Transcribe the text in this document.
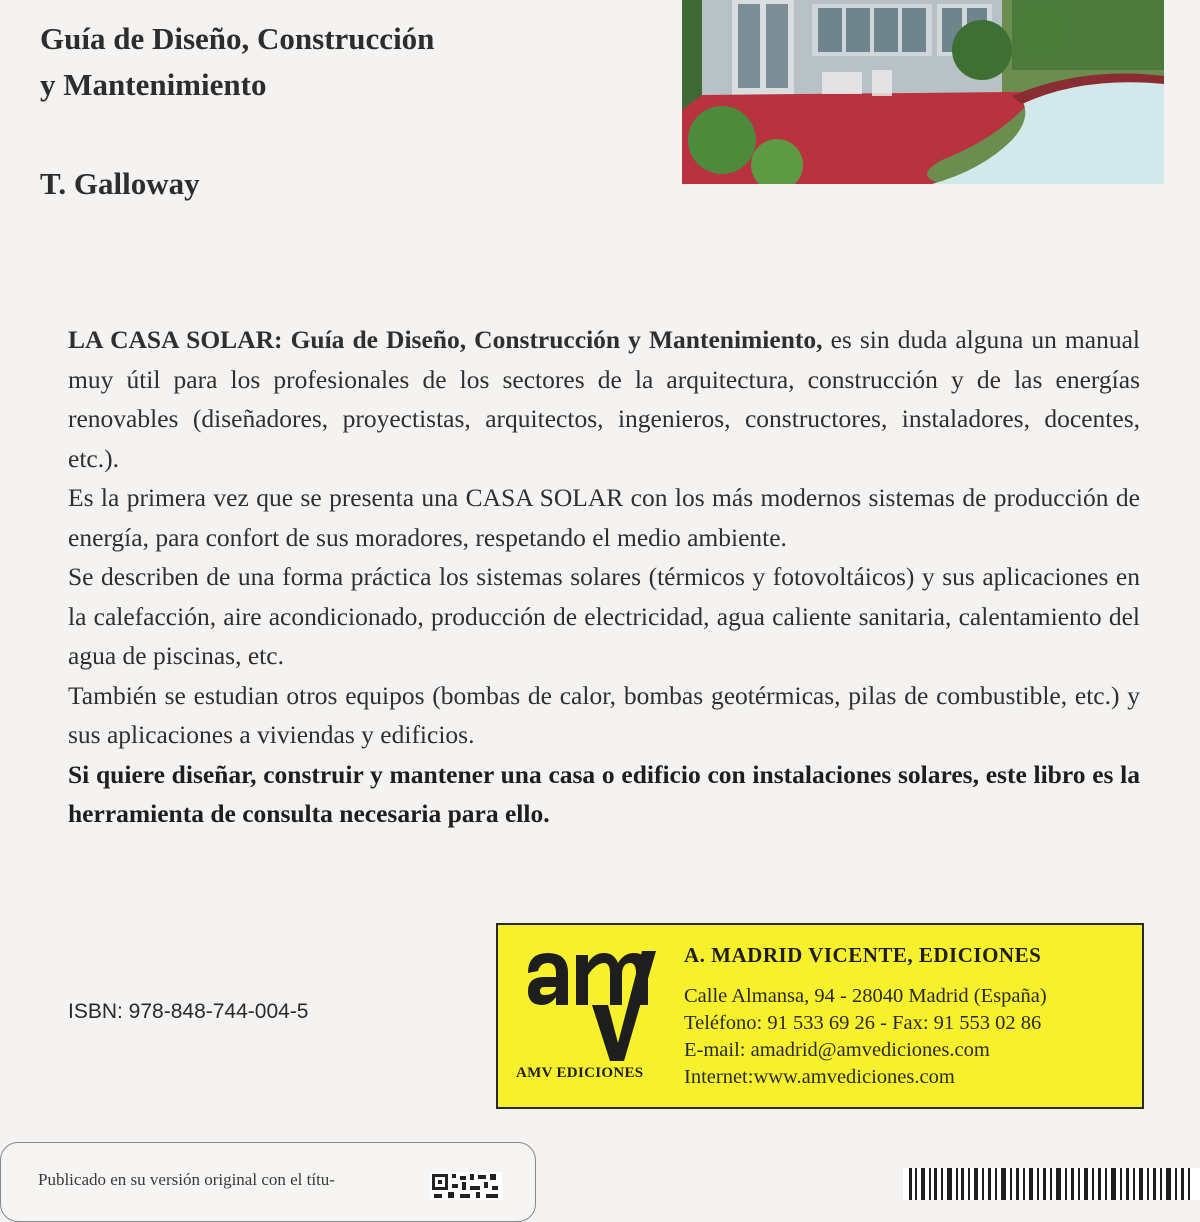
Guía de Diseño, Construcción
y Mantenimiento
T. Galloway

LA CASA SOLAR: Guía de Diseño, Construcción y Mantenimiento, es sin duda alguna un manual muy útil para los profesionales de los sectores de la arquitectura, construcción y de las energías renovables (diseñadores, proyectistas, arquitectos, ingenieros, constructores, instaladores, docentes, etc.).

Es la primera vez que se presenta una CASA SOLAR con los más modernos sistemas de producción de energía, para confort de sus moradores, respetando el medio ambiente.

Se describen de una forma práctica los sistemas solares (térmicos y fotovoltáicos) y sus aplicaciones en la calefacción, aire acondicionado, producción de electricidad, agua caliente sanitaria, calentamiento del agua de piscinas, etc.

También se estudian otros equipos (bombas de calor, bombas geotérmicas, pilas de combustible, etc.) y sus aplicaciones a viviendas y edificios.

Si quiere diseñar, construir y mantener una casa o edificio con instalaciones solares, este libro es la herramienta de consulta necesaria para ello.

ISBN: 978-848-744-004-5
AMV EDICIONES
A. MADRID VICENTE, EDICIONES
Calle Almansa, 94 - 28040 Madrid (España)
Teléfono: 91 533 69 26 - Fax: 91 553 02 86
E-mail: amadrid@amvediciones.com
Internet:www.amvediciones.com
Publicado en su versión original con el títu-
